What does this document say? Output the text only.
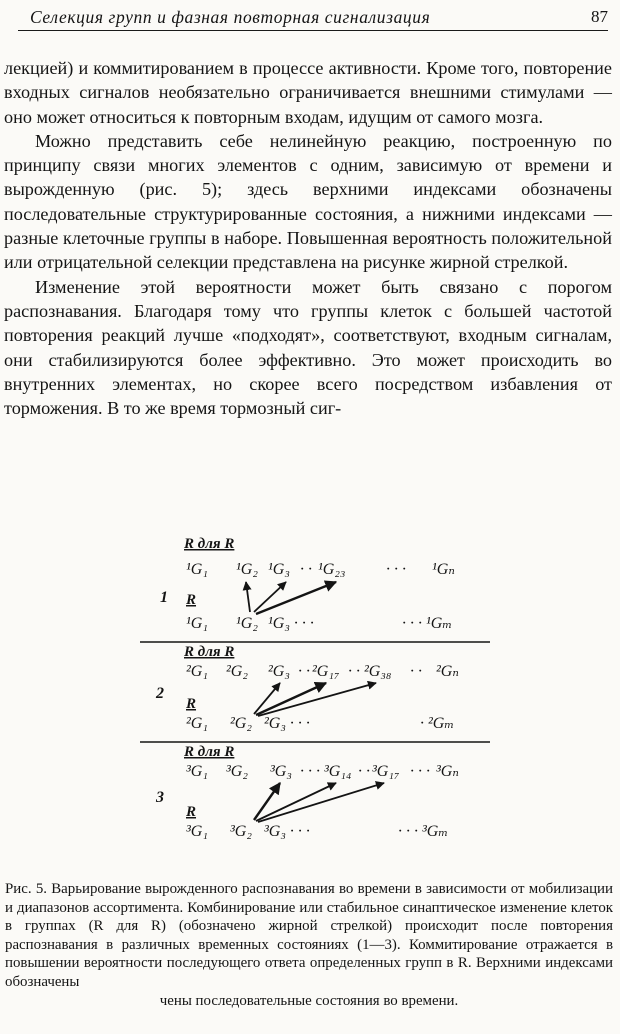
Селекция групп и фазная повторная сигнализация	87

лекцией) и коммитированием в процессе активности. Кроме того, повторение входных сигналов необязательно ограничивается внешними стимулами — оно может относиться к повторным входам, идущим от самого мозга.

Можно представить себе нелинейную реакцию, построенную по принципу связи многих элементов с одним, зависимую от времени и вырожденную (рис. 5); здесь верхними индексами обозначены последовательные структурированные состояния, а нижними индексами — разные клеточные группы в наборе. Повышенная вероятность положительной или отрицательной селекции представлена на рисунке жирной стрелкой.

Изменение этой вероятности может быть связано с порогом распознавания. Благодаря тому что группы клеток с большей частотой повторения реакций лучше «подходят», соответствуют, входным сигналам, они стабилизируются более эффективно. Это может происходить во внутренних элементах, но скорее всего посредством избавления от торможения. В то же время тормозный сиг-

R для R
1
¹G₁ ¹G₂ ¹G₃ · · ¹G₂₃	· · · ¹Gₙ
R
¹G₁ ¹G₂ ¹G₃ · · ·	· · · ¹Gₘ
R для R
2
²G₁ ²G₂ ²G₃ · · ²G₁₇ · · ²G₃₈ · · ²Gₙ
R
²G₁ ²G₂ ²G₃ · · ·	· ²Gₘ
R для R
3
³G₁ ³G₂ ³G₃ · · · ³G₁₄ · · ³G₁₇ · · · ³Gₙ
R
³G₁ ³G₂ ³G₃ · · ·	· · · ³Gₘ

Рис. 5. Варьирование вырожденного распознавания во времени в зависимости от мобилизации и диапазонов ассортимента. Комбинирование или стабильное синаптическое изменение клеток в группах (R для R) (обозначено жирной стрелкой) происходит после повторения распознавания в различных временных состояниях (1—3). Коммитирование отражается в повышении вероятности последующего ответа определенных групп в R. Верхними индексами обозначены
чены последовательные состояния во времени.
